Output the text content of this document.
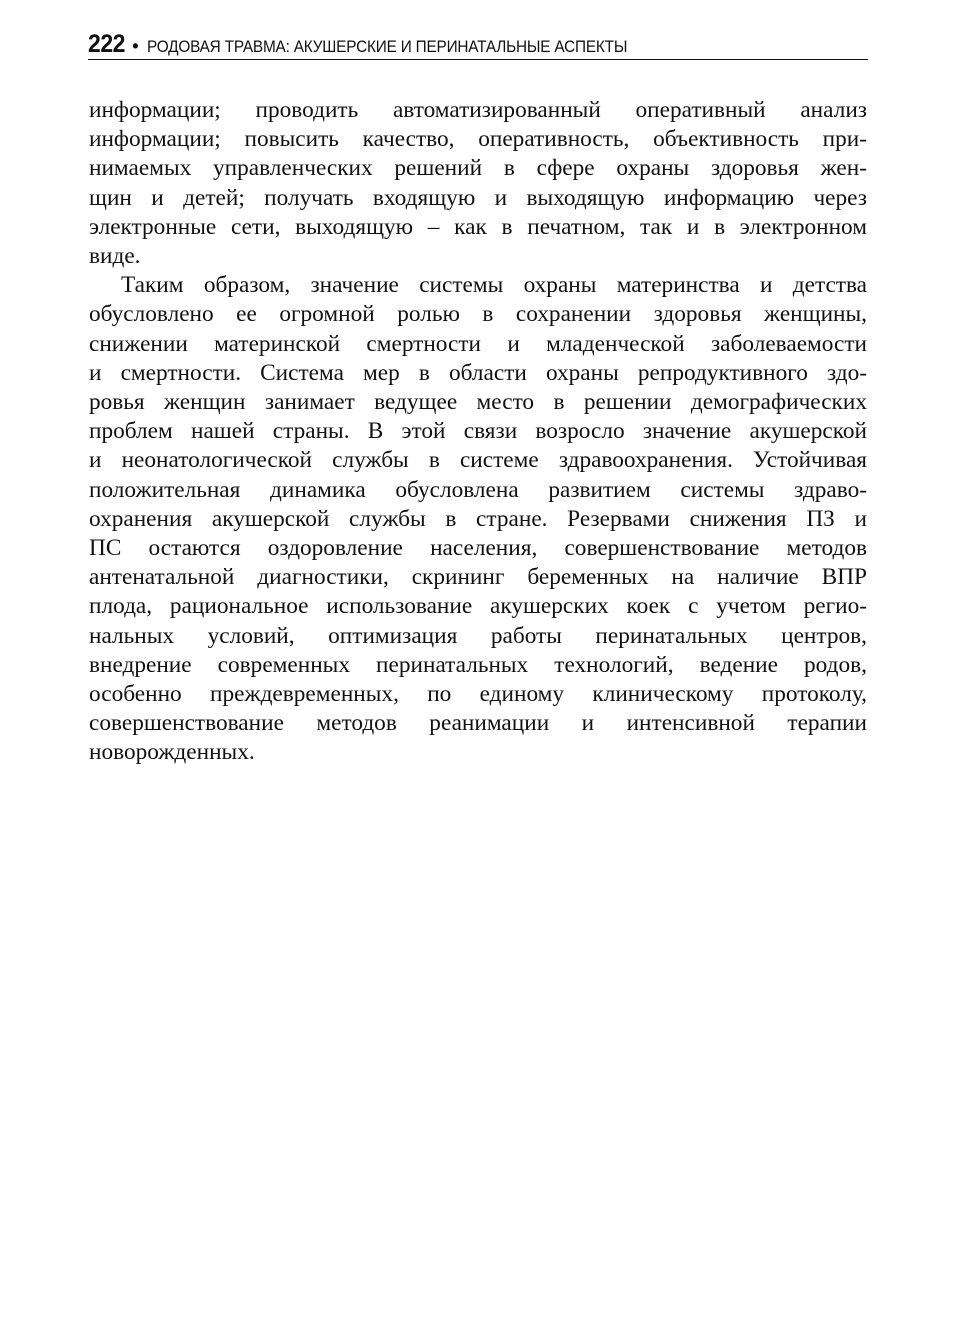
222 • РОДОВАЯ ТРАВМА: АКУШЕРСКИЕ И ПЕРИНАТАЛЬНЫЕ АСПЕКТЫ

информации; проводить автоматизированный оперативный анализ
информации; повысить качество, оперативность, объективность при-
нимаемых управленческих решений в сфере охраны здоровья жен-
щин и детей; получать входящую и выходящую информацию через
электронные сети, выходящую – как в печатном, так и в электронном
виде.

Таким образом, значение системы охраны материнства и детства
обусловлено ее огромной ролью в сохранении здоровья женщины,
снижении материнской смертности и младенческой заболеваемости
и смертности. Система мер в области охраны репродуктивного здо-
ровья женщин занимает ведущее место в решении демографических
проблем нашей страны. В этой связи возросло значение акушерской
и неонатологической службы в системе здравоохранения. Устойчивая
положительная динамика обусловлена развитием системы здраво-
охранения акушерской службы в стране. Резервами снижения ПЗ и
ПС остаются оздоровление населения, совершенствование методов
антенатальной диагностики, скрининг беременных на наличие ВПР
плода, рациональное использование акушерских коек с учетом регио-
нальных условий, оптимизация работы перинатальных центров,
внедрение современных перинатальных технологий, ведение родов,
особенно преждевременных, по единому клиническому протоколу,
совершенствование методов реанимации и интенсивной терапии
новорожденных.
